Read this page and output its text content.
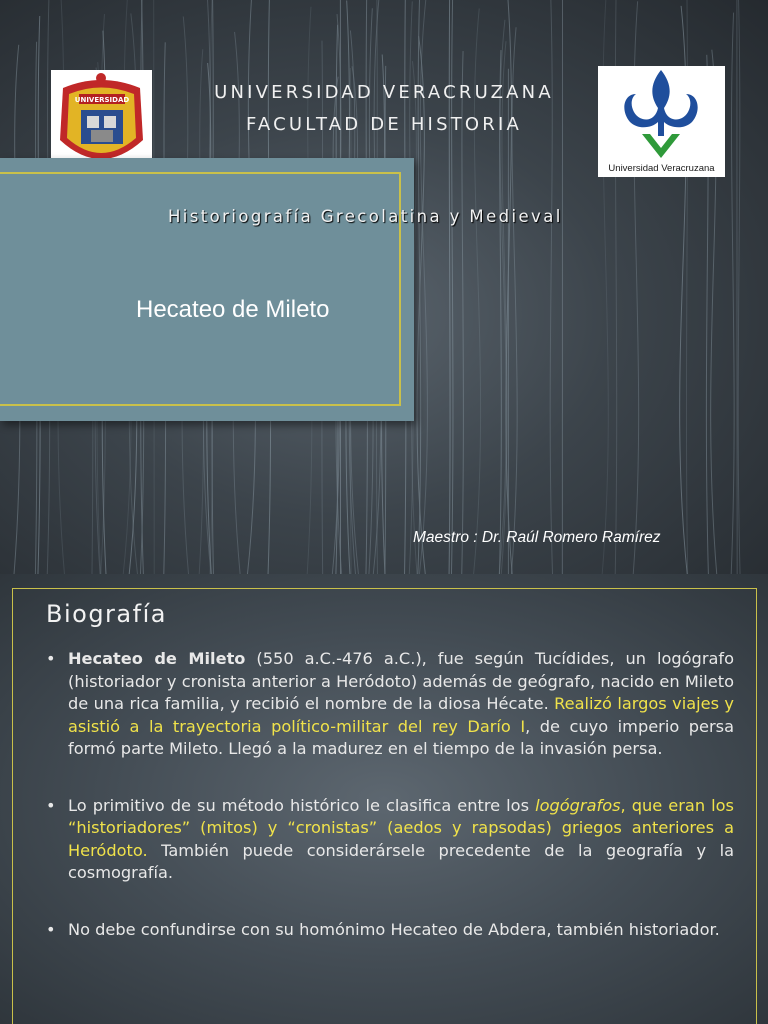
UNIVERSIDAD	UNIVERSIDAD VERACRUZANA
FACULTAD DE HISTORIA
Universidad Veracruzana
Historiografía Grecolatina y Medieval
Hecateo de Mileto
Maestro : Dr. Raúl Romero Ramírez
Biografía
• Hecateo de Mileto (550 a.C.-476 a.C.), fue según Tucídides, un logógrafo (historiador y cronista anterior a Heródoto) además de geógrafo, nacido en Mileto de una rica familia, y recibió el nombre de la diosa Hécate. Realizó largos viajes y asistió a la trayectoria político-militar del rey Darío I, de cuyo imperio persa formó parte Mileto. Llegó a la madurez en el tiempo de la invasión persa.
• Lo primitivo de su método histórico le clasifica entre los logógrafos, que eran los “historiadores” (mitos) y “cronistas” (aedos y rapsodas) griegos anteriores a Heródoto. También puede considerársele precedente de la geografía y la cosmografía.
• No debe confundirse con su homónimo Hecateo de Abdera, también historiador.
